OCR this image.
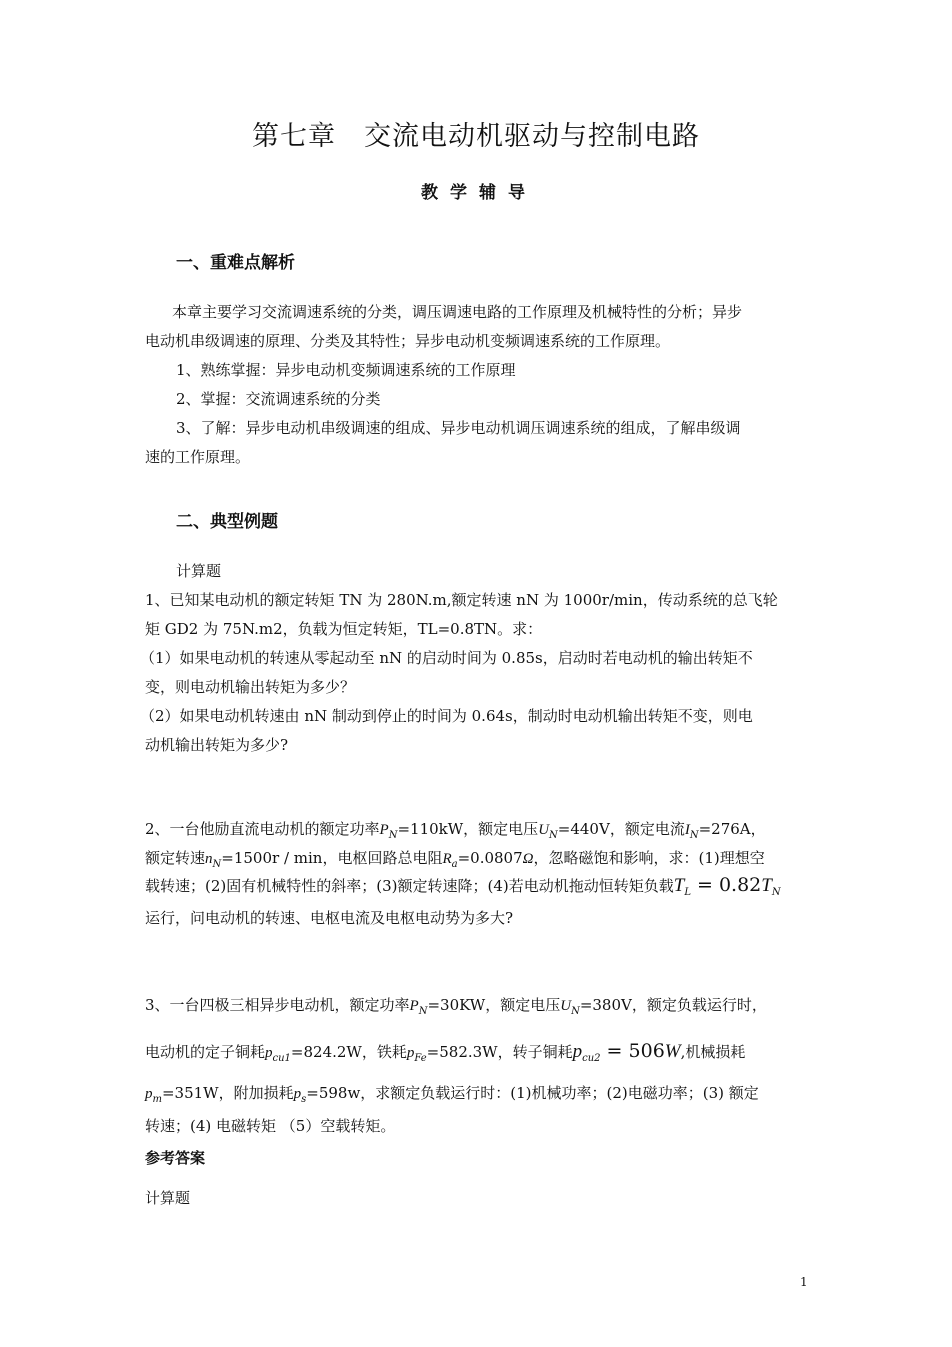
第七章　交流电动机驱动与控制电路
教学辅导
一、重难点解析
本章主要学习交流调速系统的分类，调压调速电路的工作原理及机械特性的分析；异步
电动机串级调速的原理、分类及其特性；异步电动机变频调速系统的工作原理。
1、熟练掌握：异步电动机变频调速系统的工作原理
2、掌握：交流调速系统的分类
3、了解：异步电动机串级调速的组成、异步电动机调压调速系统的组成，了解串级调
速的工作原理。
二、典型例题
计算题
1、已知某电动机的额定转矩 TN 为 280N.m,额定转速 nN 为 1000r/min，传动系统的总飞轮
矩 GD2 为 75N.m2，负载为恒定转矩，TL=0.8TN。求：
（1）如果电动机的转速从零起动至 nN 的启动时间为 0.85s，启动时若电动机的输出转矩不
变，则电动机输出转矩为多少？
（2）如果电动机转速由 nN 制动到停止的时间为 0.64s，制动时电动机输出转矩不变，则电
动机输出转矩为多少?
2、一台他励直流电动机的额定功率$P_N=110kW$，额定电压$U_N=440V$，额定电流$I_N=276A$，
额定转速$n_N=1500r / \min$，电枢回路总电阻$R_a=0.0807\Omega$，忽略磁饱和影响，求：(1)理想空
载转速；(2)固有机械特性的斜率；(3)额定转速降；(4)若电动机拖动恒转矩负载$T_L = 0.82T_N$
运行，问电动机的转速、电枢电流及电枢电动势为多大?
3、一台四极三相异步电动机，额定功率$P_N=30KW$，额定电压$U_N=380V$，额定负载运行时，
电动机的定子铜耗$p_{cu1}=824.2W$，铁耗$p_{Fe}=582.3W$，转子铜耗$p_{cu2} = 506W$,机械损耗
$p_m=351W$，附加损耗$p_s=598w$，求额定负载运行时：(1)机械功率；(2)电磁功率；(3) 额定
转速；(4) 电磁转矩 （5）空载转矩。
参考答案
计算题
1
